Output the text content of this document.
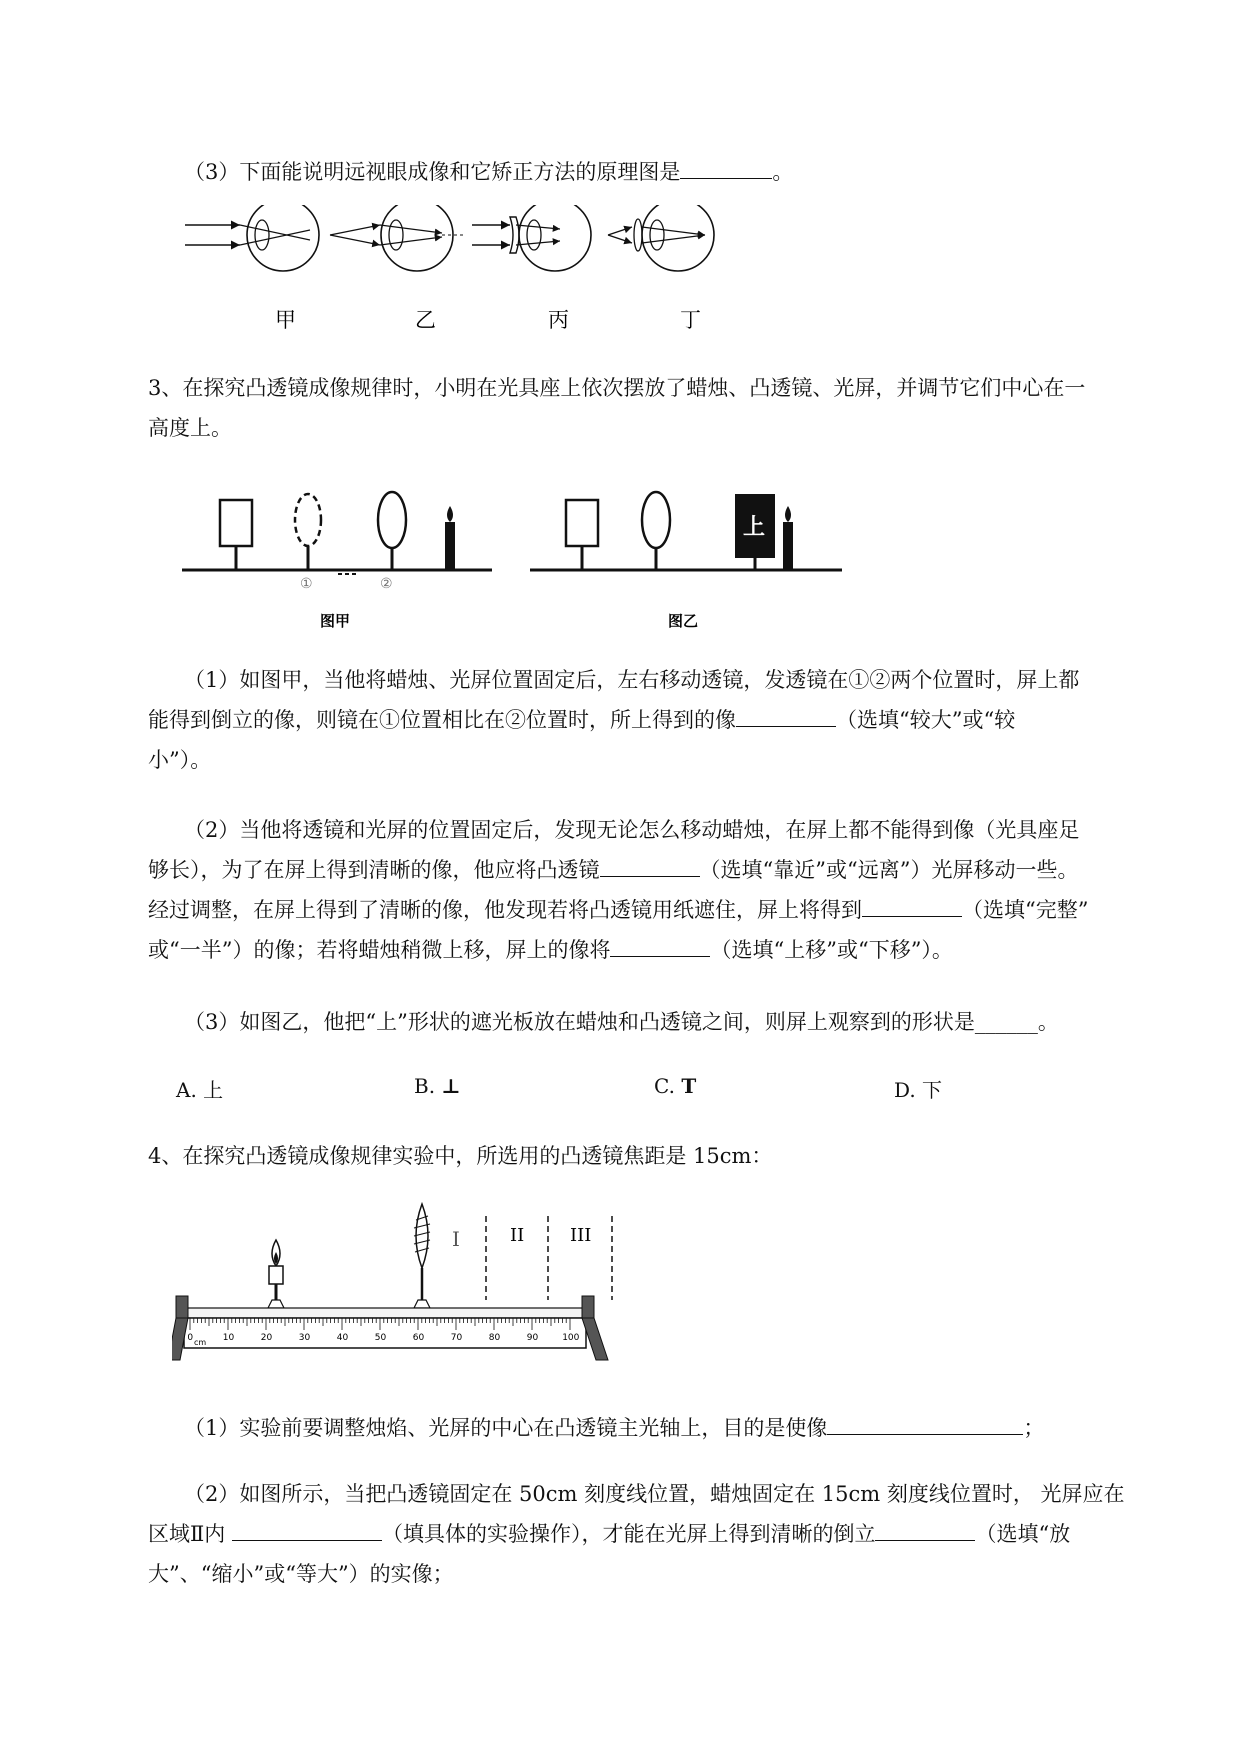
（3）下面能说明远视眼成像和它矫正方法的原理图是	。

甲	乙	丙	丁

3、在探究凸透镜成像规律时，小明在光具座上依次摆放了蜡烛、凸透镜、光屏，并调节它们中心在一
高度上。

①	②
图甲
上
图乙

（1）如图甲，当他将蜡烛、光屏位置固定后，左右移动透镜，发透镜在①②两个位置时，屏上都
能得到倒立的像，则镜在①位置相比在②位置时，所上得到的像	（选填“较大”或“较
小”）。

（2）当他将透镜和光屏的位置固定后，发现无论怎么移动蜡烛，在屏上都不能得到像（光具座足
够长），为了在屏上得到清晰的像，他应将凸透镜	（选填“靠近”或“远离”）光屏移动一些。
经过调整，在屏上得到了清晰的像，他发现若将凸透镜用纸遮住，屏上将得到	（选填“完整”
或“一半”）的像；若将蜡烛稍微上移，屏上的像将	（选填“上移”或“下移”）。

（3）如图乙，他把“上”形状的遮光板放在蜡烛和凸透镜之间，则屏上观察到的形状是______。

A. 上	B. ⊥	C. T	D. 下

4、在探究凸透镜成像规律实验中，所选用的凸透镜焦距是 15cm：

I	II	III
0	10	20	30	40	50	60	70	80	90	100
cm

（1）实验前要调整烛焰、光屏的中心在凸透镜主光轴上，目的是使像	；

（2）如图所示，当把凸透镜固定在 50cm 刻度线位置，蜡烛固定在 15cm 刻度线位置时， 光屏应在
区域Ⅱ内	（填具体的实验操作），才能在光屏上得到清晰的倒立	（选填“放
大”、“缩小”或“等大”）的实像；
